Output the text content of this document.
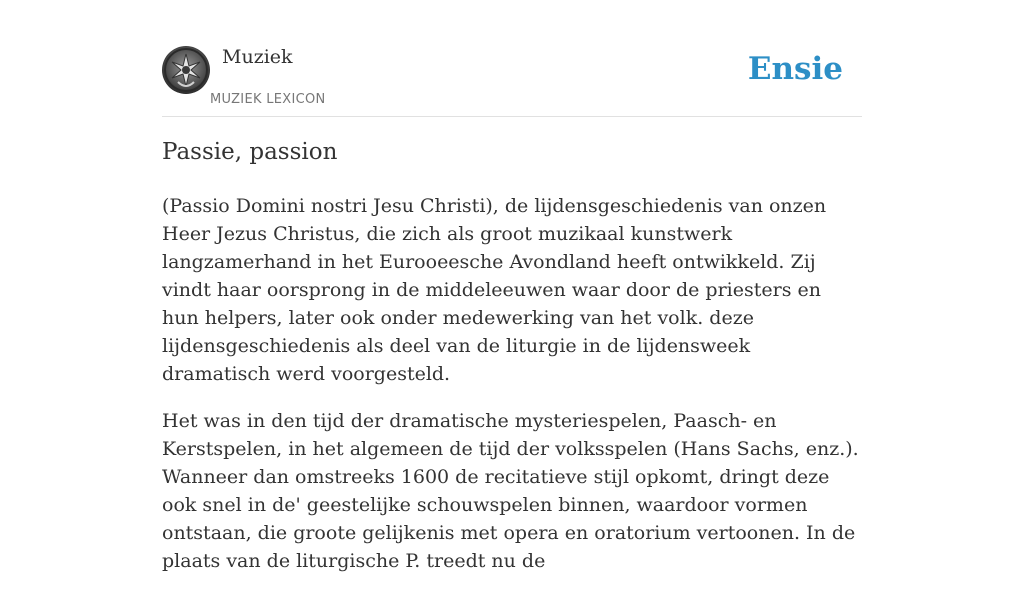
Muziek
MUZIEK LEXICON
Ensie
Passie, passion

(Passio Domini nostri Jesu Christi), de lijdensgeschiedenis van onzen Heer Jezus Christus, die zich als groot muzikaal kunstwerk langzamerhand in het Eurooeesche Avondland heeft ontwikkeld. Zij vindt haar oorsprong in de middeleeuwen waar door de priesters en hun helpers, later ook onder medewerking van het volk. deze lijdensgeschiedenis als deel van de liturgie in de lijdensweek dramatisch werd voorgesteld.

Het was in den tijd der dramatische mysteriespelen, Paasch- en Kerstspelen, in het algemeen de tijd der volksspelen (Hans Sachs, enz.). Wanneer dan omstreeks 1600 de recitatieve stijl opkomt, dringt deze ook snel in de' geestelijke schouwspelen binnen, waardoor vormen ontstaan, die groote gelijkenis met opera en oratorium vertoonen. In de plaats van de liturgische P. treedt nu de
